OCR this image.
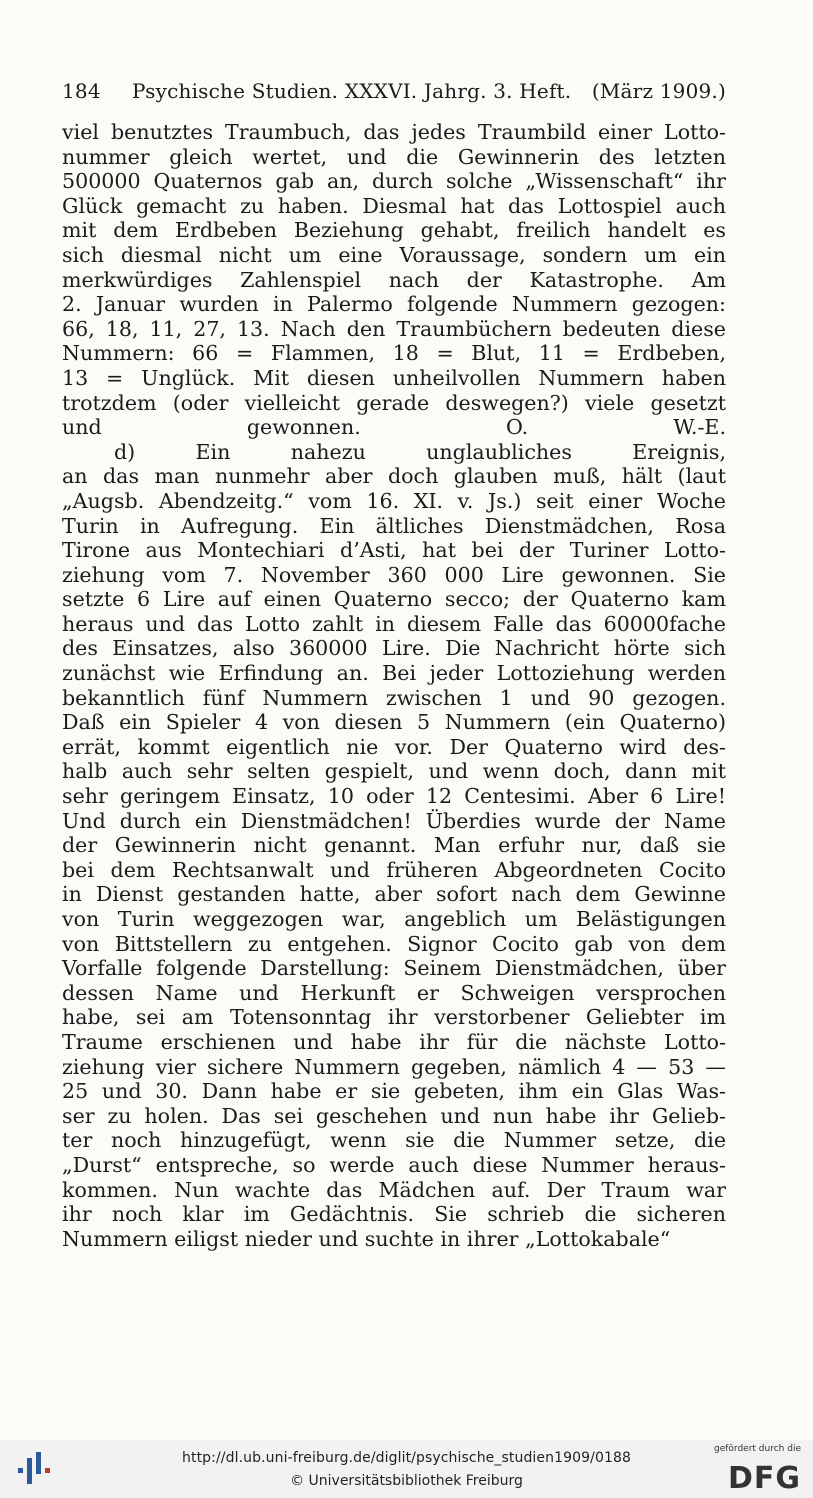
184 Psychische Studien. XXXVI. Jahrg. 3. Heft. (März 1909.)
viel benutztes Traumbuch, das jedes Traumbild einer Lotto-
nummer gleich wertet, und die Gewinnerin des letzten
500000 Quaternos gab an, durch solche „Wissenschaft“ ihr
Glück gemacht zu haben. Diesmal hat das Lottospiel auch
mit dem Erdbeben Beziehung gehabt, freilich handelt es
sich diesmal nicht um eine Voraussage, sondern um ein
merkwürdiges Zahlenspiel nach der Katastrophe. Am
2. Januar wurden in Palermo folgende Nummern gezogen:
66, 18, 11, 27, 13. Nach den Traumbüchern bedeuten diese
Nummern: 66 = Flammen, 18 = Blut, 11 = Erdbeben,
13 = Unglück. Mit diesen unheilvollen Nummern haben
trotzdem (oder vielleicht gerade deswegen?) viele gesetzt
und gewonnen. O. W.-E.
d) Ein nahezu unglaubliches Ereignis,
an das man nunmehr aber doch glauben muß, hält (laut
„Augsb. Abendzeitg.“ vom 16. XI. v. Js.) seit einer Woche
Turin in Aufregung. Ein ältliches Dienstmädchen, Rosa
Tirone aus Montechiari d’Asti, hat bei der Turiner Lotto-
ziehung vom 7. November 360 000 Lire gewonnen. Sie
setzte 6 Lire auf einen Quaterno secco; der Quaterno kam
heraus und das Lotto zahlt in diesem Falle das 60000fache
des Einsatzes, also 360000 Lire. Die Nachricht hörte sich
zunächst wie Erfindung an. Bei jeder Lottoziehung werden
bekanntlich fünf Nummern zwischen 1 und 90 gezogen.
Daß ein Spieler 4 von diesen 5 Nummern (ein Quaterno)
errät, kommt eigentlich nie vor. Der Quaterno wird des-
halb auch sehr selten gespielt, und wenn doch, dann mit
sehr geringem Einsatz, 10 oder 12 Centesimi. Aber 6 Lire!
Und durch ein Dienstmädchen! Überdies wurde der Name
der Gewinnerin nicht genannt. Man erfuhr nur, daß sie
bei dem Rechtsanwalt und früheren Abgeordneten Cocito
in Dienst gestanden hatte, aber sofort nach dem Gewinne
von Turin weggezogen war, angeblich um Belästigungen
von Bittstellern zu entgehen. Signor Cocito gab von dem
Vorfalle folgende Darstellung: Seinem Dienstmädchen, über
dessen Name und Herkunft er Schweigen versprochen
habe, sei am Totensonntag ihr verstorbener Geliebter im
Traume erschienen und habe ihr für die nächste Lotto-
ziehung vier sichere Nummern gegeben, nämlich 4 — 53 —
25 und 30. Dann habe er sie gebeten, ihm ein Glas Was-
ser zu holen. Das sei geschehen und nun habe ihr Gelieb-
ter noch hinzugefügt, wenn sie die Nummer setze, die
„Durst“ entspreche, so werde auch diese Nummer heraus-
kommen. Nun wachte das Mädchen auf. Der Traum war
ihr noch klar im Gedächtnis. Sie schrieb die sicheren
Nummern eiligst nieder und suchte in ihrer „Lottokabale“
http://dl.ub.uni-freiburg.de/diglit/psychische_studien1909/0188
© Universitätsbibliothek Freiburg
gefördert durch die
DFG
